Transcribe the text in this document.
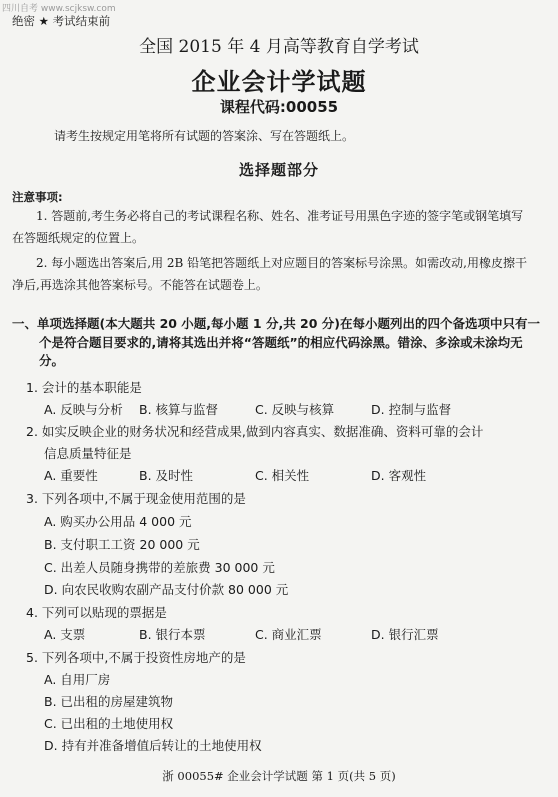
四川自考 www.scjksw.com
绝密 ★ 考试结束前
全国 2015 年 4 月高等教育自学考试
企业会计学试题
课程代码:00055
请考生按规定用笔将所有试题的答案涂、写在答题纸上。
选择题部分
注意事项:
1. 答题前,考生务必将自己的考试课程名称、姓名、准考证号用黑色字迹的签字笔或钢笔填写在答题纸规定的位置上。
2. 每小题选出答案后,用 2B 铅笔把答题纸上对应题目的答案标号涂黑。如需改动,用橡皮擦干净后,再选涂其他答案标号。不能答在试题卷上。
一、单项选择题(本大题共 20 小题,每小题 1 分,共 20 分)在每小题列出的四个备选项中只有一个是符合题目要求的,请将其选出并将“答题纸”的相应代码涂黑。错涂、多涂或未涂均无分。
1. 会计的基本职能是
A. 反映与分析	B. 核算与监督	C. 反映与核算	D. 控制与监督
2. 如实反映企业的财务状况和经营成果,做到内容真实、数据准确、资料可靠的会计
信息质量特征是
A. 重要性	B. 及时性	C. 相关性	D. 客观性
3. 下列各项中,不属于现金使用范围的是
A. 购买办公用品 4 000 元
B. 支付职工工资 20 000 元
C. 出差人员随身携带的差旅费 30 000 元
D. 向农民收购农副产品支付价款 80 000 元
4. 下列可以贴现的票据是
A. 支票	B. 银行本票	C. 商业汇票	D. 银行汇票
5. 下列各项中,不属于投资性房地产的是
A. 自用厂房
B. 已出租的房屋建筑物
C. 已出租的土地使用权
D. 持有并准备增值后转让的土地使用权
浙 00055# 企业会计学试题 第 1 页(共 5 页)
